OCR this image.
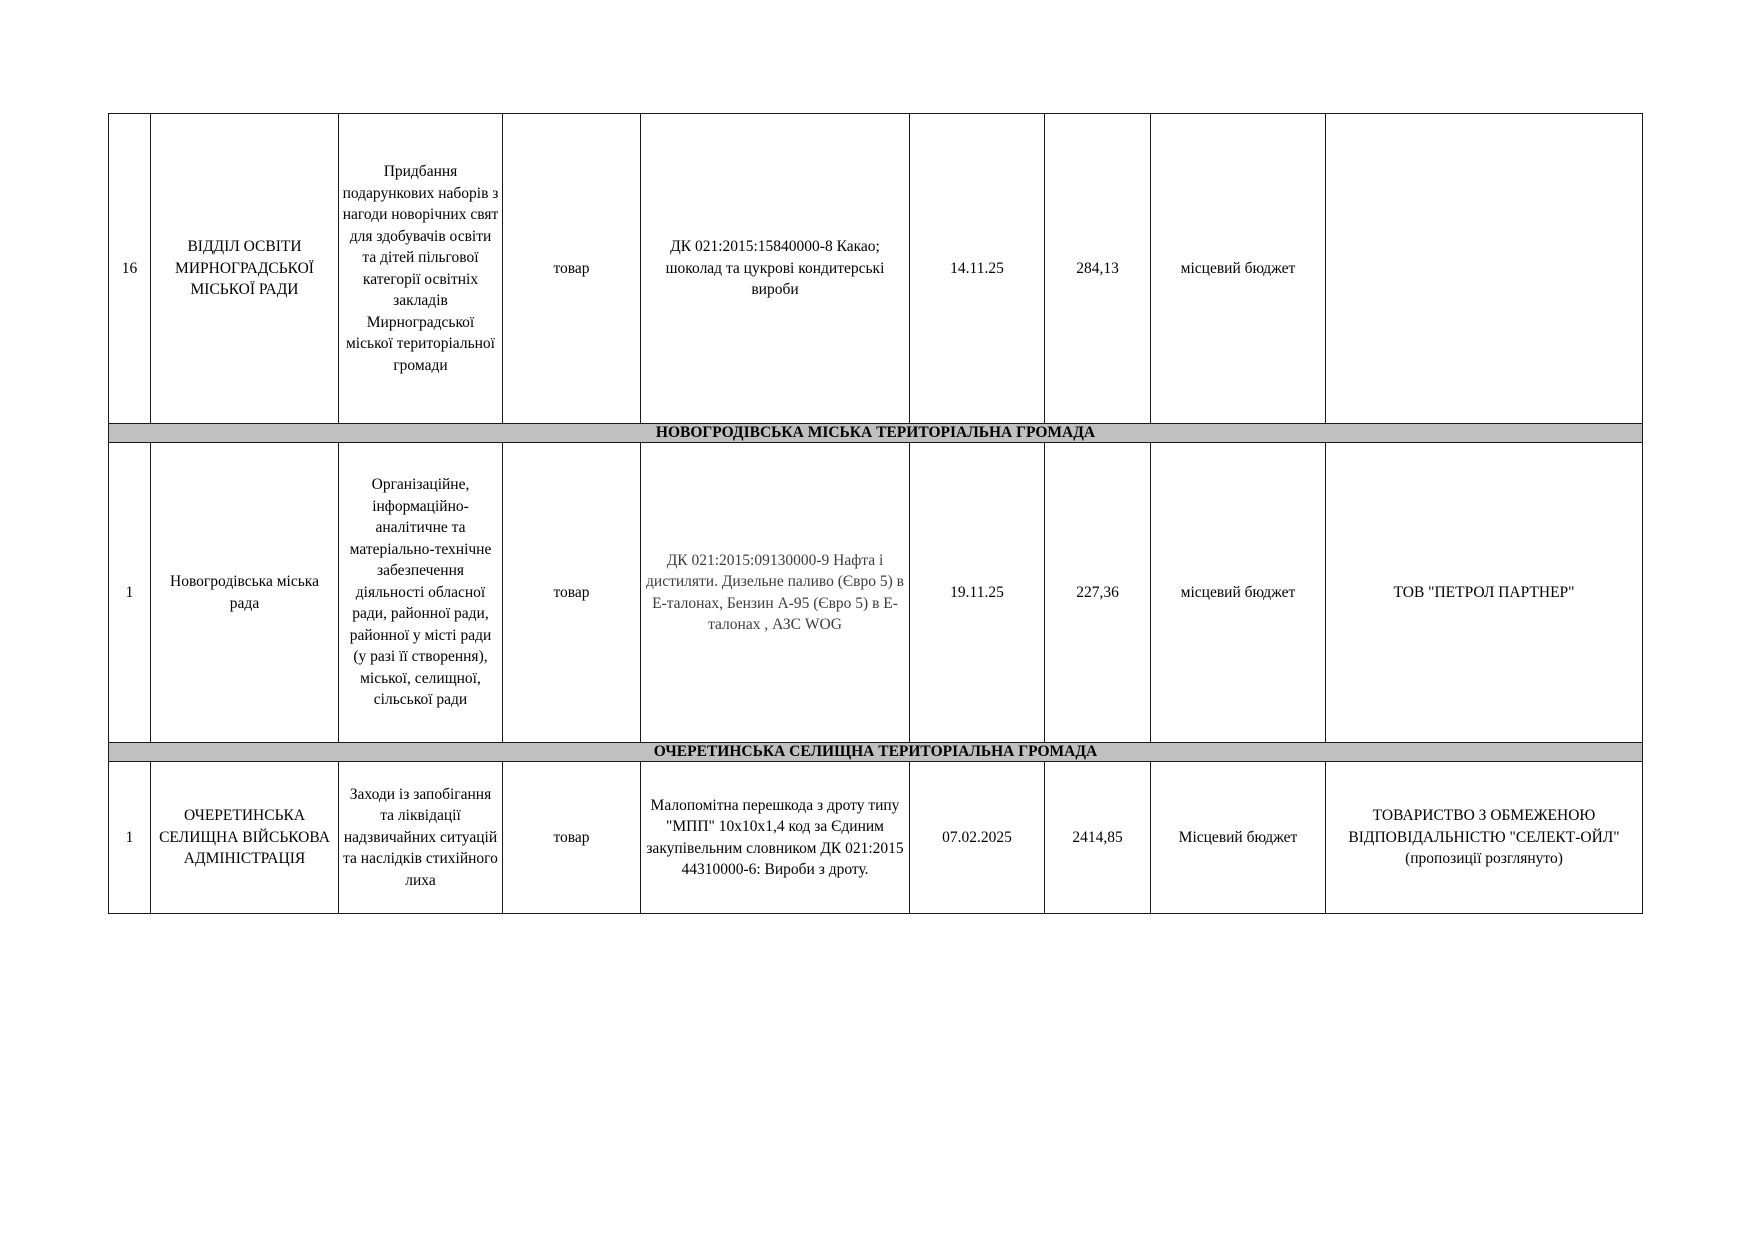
16	ВІДДІЛ ОСВІТИ МИРНОГРАДСЬКОЇ МІСЬКОЇ РАДИ	Придбання подарункових наборів з нагоди новорічних свят для здобувачів освіти та дітей пільгової категорії освітніх закладів Мирноградської міської територіальної громади	товар	ДК 021:2015:15840000-8 Какао; шоколад та цукрові кондитерські вироби	14.11.25	284,13	місцевий бюджет	
НОВОГРОДІВСЬКА МІСЬКА ТЕРИТОРІАЛЬНА ГРОМАДА								
1	Новогродівська міська рада	Організаційне, інформаційно-аналітичне та матеріально-технічне забезпечення діяльності обласної ради, районної ради, районної у місті ради (у разі її створення), міської, селищної, сільської ради	товар	ДК 021:2015:09130000-9 Нафта і дистиляти. Дизельне паливо (Євро 5) в Е-талонах, Бензин А-95 (Євро 5) в Е-талонах , АЗС WOG	19.11.25	227,36	місцевий бюджет	ТОВ "ПЕТРОЛ ПАРТНЕР"
ОЧЕРЕТИНСЬКА СЕЛИЩНА ТЕРИТОРІАЛЬНА ГРОМАДА								
1	ОЧЕРЕТИНСЬКА СЕЛИЩНА ВІЙСЬКОВА АДМІНІСТРАЦІЯ	Заходи із запобігання та ліквідації надзвичайних ситуацій та наслідків стихійного лиха	товар	Малопомітна перешкода з дроту типу "МПП" 10х10х1,4 код за Єдиним закупівельним словником ДК 021:2015 44310000-6: Вироби з дроту.	07.02.2025	2414,85	Місцевий бюджет	ТОВАРИСТВО З ОБМЕЖЕНОЮ ВІДПОВІДАЛЬНІСТЮ "СЕЛЕКТ-ОЙЛ" (пропозиції розглянуто)
